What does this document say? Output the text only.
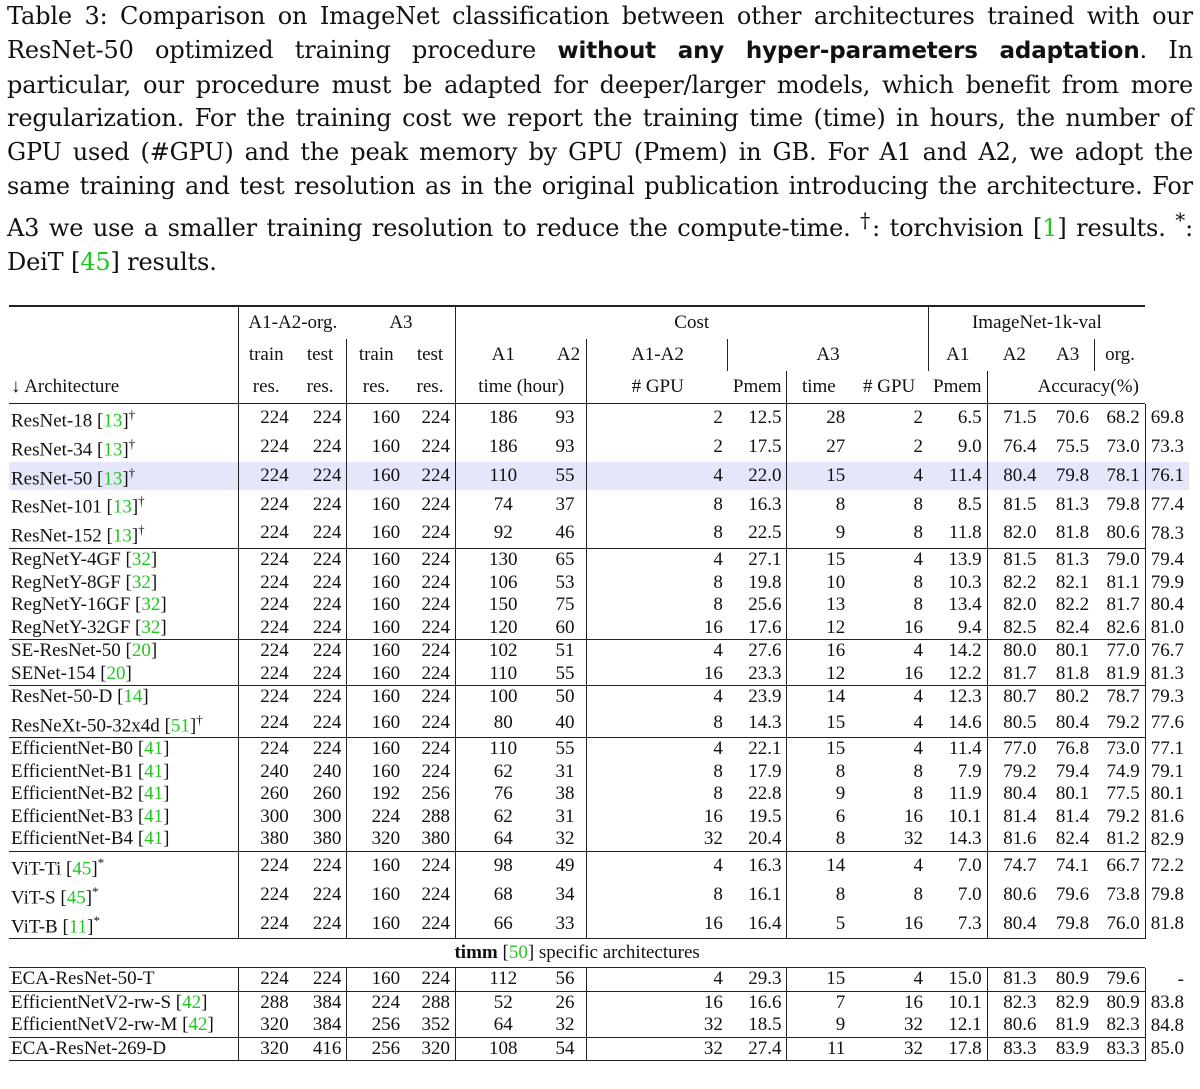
Table 3: Comparison on ImageNet classification between other architectures trained with our ResNet-50 optimized training procedure without any hyper-parameters adaptation. In particular, our procedure must be adapted for deeper/larger models, which benefit from more regularization. For the training cost we report the training time (time) in hours, the number of GPU used (#GPU) and the peak memory by GPU (Pmem) in GB. For A1 and A2, we adopt the same training and test resolution as in the original publication introducing the architecture. For A3 we use a smaller training resolution to reduce the compute-time. †: torchvision [1] results. *: DeiT [45] results.

	A1-A2-org.		A3		Cost							ImageNet-1k-val				
	train	test	train	test	A1	A2	A1-A2		A3			A1	A2	A3	org.	
↓ Architecture	res.	res.	res.	res.	time (hour)		# GPU		Pmem	time	# GPU	Pmem	Accuracy(%)			

ResNet-18 [13]†	224	224	160	224	186	93		2	12.5	28	2	6.5	71.5	70.6	68.2	69.8
ResNet-34 [13]†	224	224	160	224	186	93		2	17.5	27	2	9.0	76.4	75.5	73.0	73.3
ResNet-50 [13]†	224	224	160	224	110	55		4	22.0	15	4	11.4	80.4	79.8	78.1	76.1
ResNet-101 [13]†	224	224	160	224	74	37		8	16.3	8	8	8.5	81.5	81.3	79.8	77.4
ResNet-152 [13]†	224	224	160	224	92	46		8	22.5	9	8	11.8	82.0	81.8	80.6	78.3

RegNetY-4GF [32]	224	224	160	224	130	65		4	27.1	15	4	13.9	81.5	81.3	79.0	79.4
RegNetY-8GF [32]	224	224	160	224	106	53		8	19.8	10	8	10.3	82.2	82.1	81.1	79.9
RegNetY-16GF [32]	224	224	160	224	150	75		8	25.6	13	8	13.4	82.0	82.2	81.7	80.4
RegNetY-32GF [32]	224	224	160	224	120	60		16	17.6	12	16	9.4	82.5	82.4	82.6	81.0

SE-ResNet-50 [20]	224	224	160	224	102	51		4	27.6	16	4	14.2	80.0	80.1	77.0	76.7
SENet-154 [20]	224	224	160	224	110	55		16	23.3	12	16	12.2	81.7	81.8	81.9	81.3

ResNet-50-D [14]	224	224	160	224	100	50		4	23.9	14	4	12.3	80.7	80.2	78.7	79.3
ResNeXt-50-32x4d [51]†	224	224	160	224	80	40		8	14.3	15	4	14.6	80.5	80.4	79.2	77.6

EfficientNet-B0 [41]	224	224	160	224	110	55		4	22.1	15	4	11.4	77.0	76.8	73.0	77.1
EfficientNet-B1 [41]	240	240	160	224	62	31		8	17.9	8	8	7.9	79.2	79.4	74.9	79.1
EfficientNet-B2 [41]	260	260	192	256	76	38		8	22.8	9	8	11.9	80.4	80.1	77.5	80.1
EfficientNet-B3 [41]	300	300	224	288	62	31		16	19.5	6	16	10.1	81.4	81.4	79.2	81.6
EfficientNet-B4 [41]	380	380	320	380	64	32		32	20.4	8	32	14.3	81.6	82.4	81.2	82.9

ViT-Ti [45]*	224	224	160	224	98	49		4	16.3	14	4	7.0	74.7	74.1	66.7	72.2
ViT-S [45]*	224	224	160	224	68	34		8	16.1	8	8	7.0	80.6	79.6	73.8	79.8
ViT-B [11]*	224	224	160	224	66	33		16	16.4	5	16	7.3	80.4	79.8	76.0	81.8

timm [50] specific architectures																

ECA-ResNet-50-T	224	224	160	224	112	56		4	29.3	15	4	15.0	81.3	80.9	79.6	-

EfficientNetV2-rw-S [42]	288	384	224	288	52	26		16	16.6	7	16	10.1	82.3	82.9	80.9	83.8
EfficientNetV2-rw-M [42]	320	384	256	352	64	32		32	18.5	9	32	12.1	80.6	81.9	82.3	84.8

ECA-ResNet-269-D	320	416	256	320	108	54		32	27.4	11	32	17.8	83.3	83.9	83.3	85.0
